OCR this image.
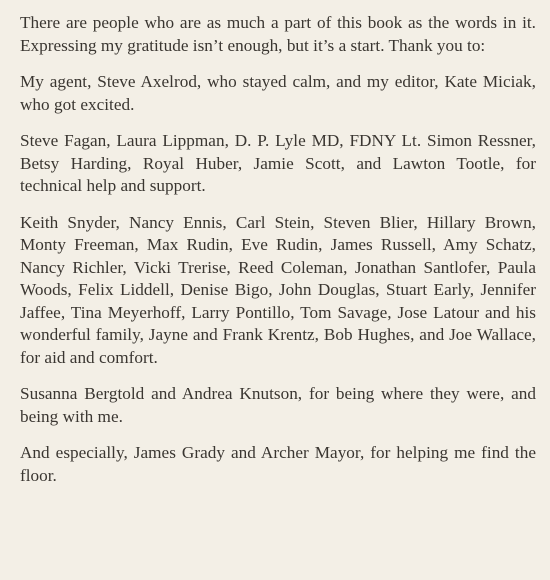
There are people who are as much a part of this book as the words in it. Expressing my gratitude isn’t enough, but it’s a start. Thank you to:

My agent, Steve Axelrod, who stayed calm, and my editor, Kate Miciak, who got excited.

Steve Fagan, Laura Lippman, D. P. Lyle MD, FDNY Lt. Simon Ressner, Betsy Harding, Royal Huber, Jamie Scott, and Lawton Tootle, for technical help and support.

Keith Snyder, Nancy Ennis, Carl Stein, Steven Blier, Hillary Brown, Monty Freeman, Max Rudin, Eve Rudin, James Russell, Amy Schatz, Nancy Richler, Vicki Trerise, Reed Coleman, Jonathan Santlofer, Paula Woods, Felix Liddell, Denise Bigo, John Douglas, Stuart Early, Jennifer Jaffee, Tina Meyerhoff, Larry Pontillo, Tom Savage, Jose Latour and his wonderful family, Jayne and Frank Krentz, Bob Hughes, and Joe Wallace, for aid and comfort.

Susanna Bergtold and Andrea Knutson, for being where they were, and being with me.

And especially, James Grady and Archer Mayor, for helping me find the floor.
